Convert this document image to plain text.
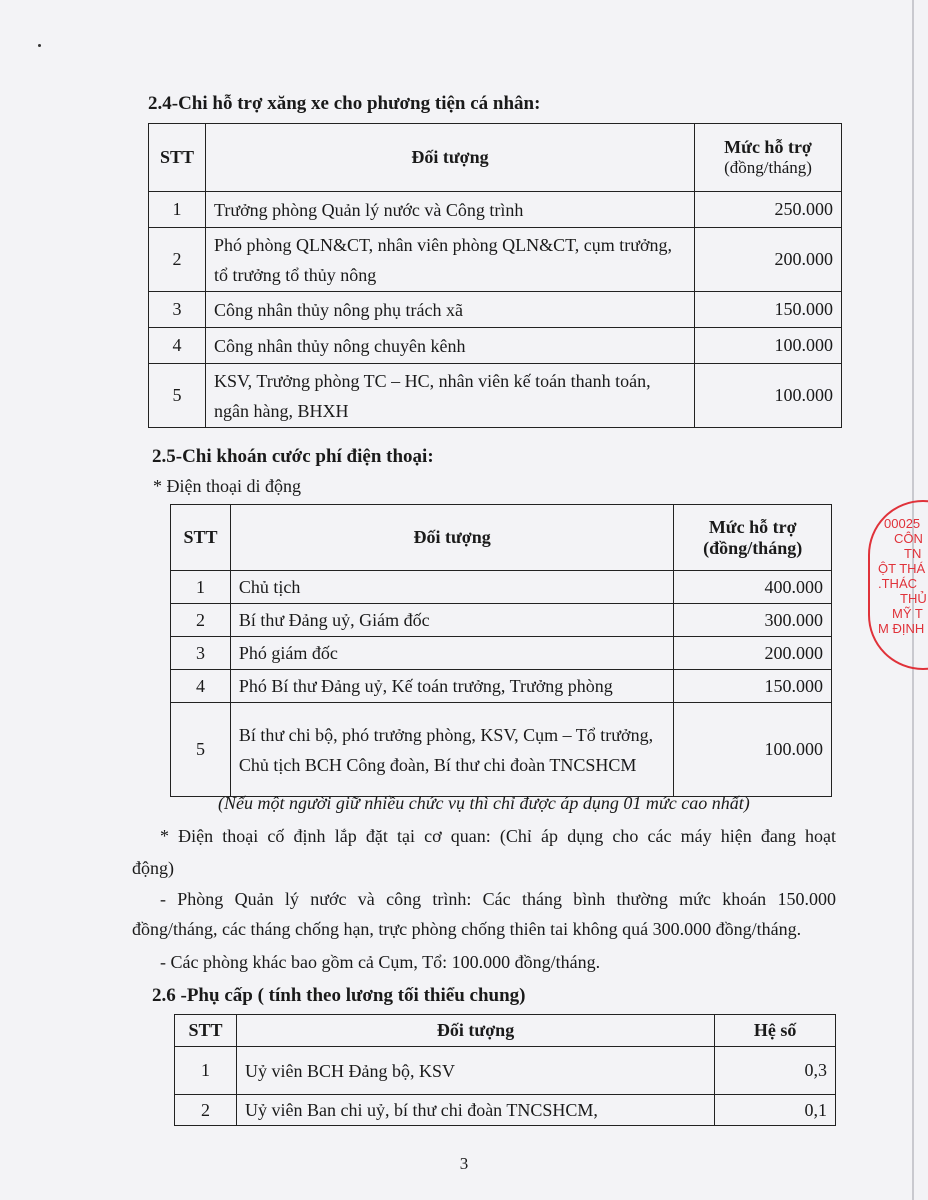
2.4-Chi hỗ trợ xăng xe cho phương tiện cá nhân:
STT	Đối tượng	Mức hỗ trợ
(đồng/tháng)

1	Trưởng phòng Quản lý nước và Công trình	250.000
2	Phó phòng QLN&CT, nhân viên phòng QLN&CT, cụm trưởng, tổ trưởng tổ thủy nông	200.000
3	Công nhân thủy nông phụ trách xã	150.000
4	Công nhân thủy nông chuyên kênh	100.000
5	KSV, Trưởng phòng TC – HC, nhân viên kế toán thanh toán, ngân hàng, BHXH	100.000
2.5-Chi khoán cước phí điện thoại:
* Điện thoại di động
STT	Đối tượng	Mức hỗ trợ
(đồng/tháng)

1	Chủ tịch	400.000
2	Bí thư Đảng uỷ, Giám đốc	300.000
3	Phó giám đốc	200.000
4	Phó Bí thư Đảng uỷ, Kế toán trưởng, Trưởng phòng	150.000
5	Bí thư chi bộ, phó trưởng phòng, KSV, Cụm – Tổ trưởng, Chủ tịch BCH Công đoàn, Bí thư chi đoàn TNCSHCM	100.000
(Nếu một người giữ nhiều chức vụ thì chỉ được áp dụng 01 mức cao nhất)
* Điện thoại cố định lắp đặt tại cơ quan: (Chỉ áp dụng cho các máy hiện đang hoạt
động)
- Phòng Quản lý nước và công trình: Các tháng bình thường mức khoán 150.000
đồng/tháng, các tháng chống hạn, trực phòng chống thiên tai không quá 300.000 đồng/tháng.
- Các phòng khác bao gồm cả Cụm, Tổ: 100.000 đồng/tháng.
2.6 -Phụ cấp ( tính theo lương tối thiểu chung)
STT	Đối tượng	Hệ số
1	Uỷ viên BCH Đảng bộ, KSV	0,3
2	Uỷ viên Ban chi uỷ, bí thư chi đoàn TNCSHCM,	0,1
00025
CÔN
TN
ỘT THÁ
.THÁC
THỦ
MỸ T
M ĐỊNH
3
